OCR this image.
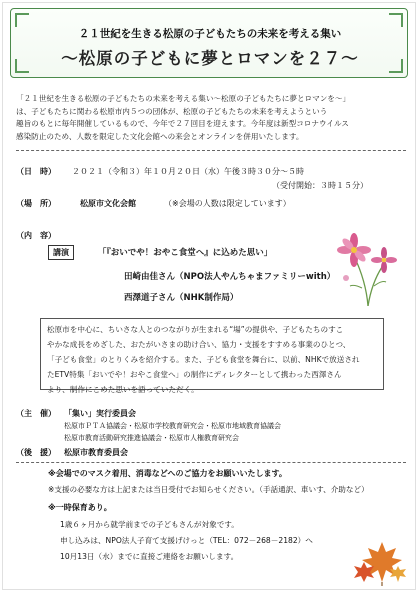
２１世紀を生きる松原の子どもたちの未来を考える集い
～松原の子どもに夢とロマンを２７～
「２１世紀を生きる松原の子どもたちの未来を考える集い～松原の子どもたちに夢とロマンを～」
は、子どもたちに関わる松原市内５つの団体が、松原の子どもたちの未来を考えようという
趣旨のもとに毎年開催しているもので、今年で２７回目を迎えます。今年度は新型コロナウイルス
感染防止のため、人数を限定した文化会館への来会とオンラインを併用いたします。
（日　時） ２０２１（令和３）年１０月２０日（水）午後３時３０分～５時
（受付開始：３時１５分）
（場　所）	松原市文化会館	（※会場の人数は限定しています）
（内　容）
講演	「『おいでや！おやこ食堂へ』に込めた思い」
田崎由佳さん（NPO法人やんちゃまファミリーwith）
西澤道子さん（NHK制作局）
松原市を中心に、ちいさな人とのつながりが生まれる“場”の提供や、子どもたちのすこ
やかな成長をめざした、おたがいさまの助け合い、協力・支援をすすめる事業のひとつ、
「子ども食堂」のとりくみを紹介する。また、子ども食堂を舞台に、以前、NHKで放送され
たETV特集「おいでや！おやこ食堂へ」の制作にディレクターとして携わった西澤さん
より、制作にこめた思いを語っていただく。
（主　催） 「集い」実行委員会
松原市ＰＴＡ協議会・松原市学校教育研究会・松原市地域教育協議会
松原市教育活動研究推進協議会・松原市人権教育研究会
（後　援） 松原市教育委員会
※会場でのマスク着用、消毒などへのご協力をお願いいたします。
※支援の必要な方は上記または当日受付でお知らせください。（手話通訳、車いす、介助など）
※一時保育あり。
1歳６ヶ月から就学前までの子どもさんが対象です。
申し込みは、NPO法人子育て支援げけっと（TEL：072－268－2182）へ
10月13日（水）までに直接ご連絡をお願いします。
